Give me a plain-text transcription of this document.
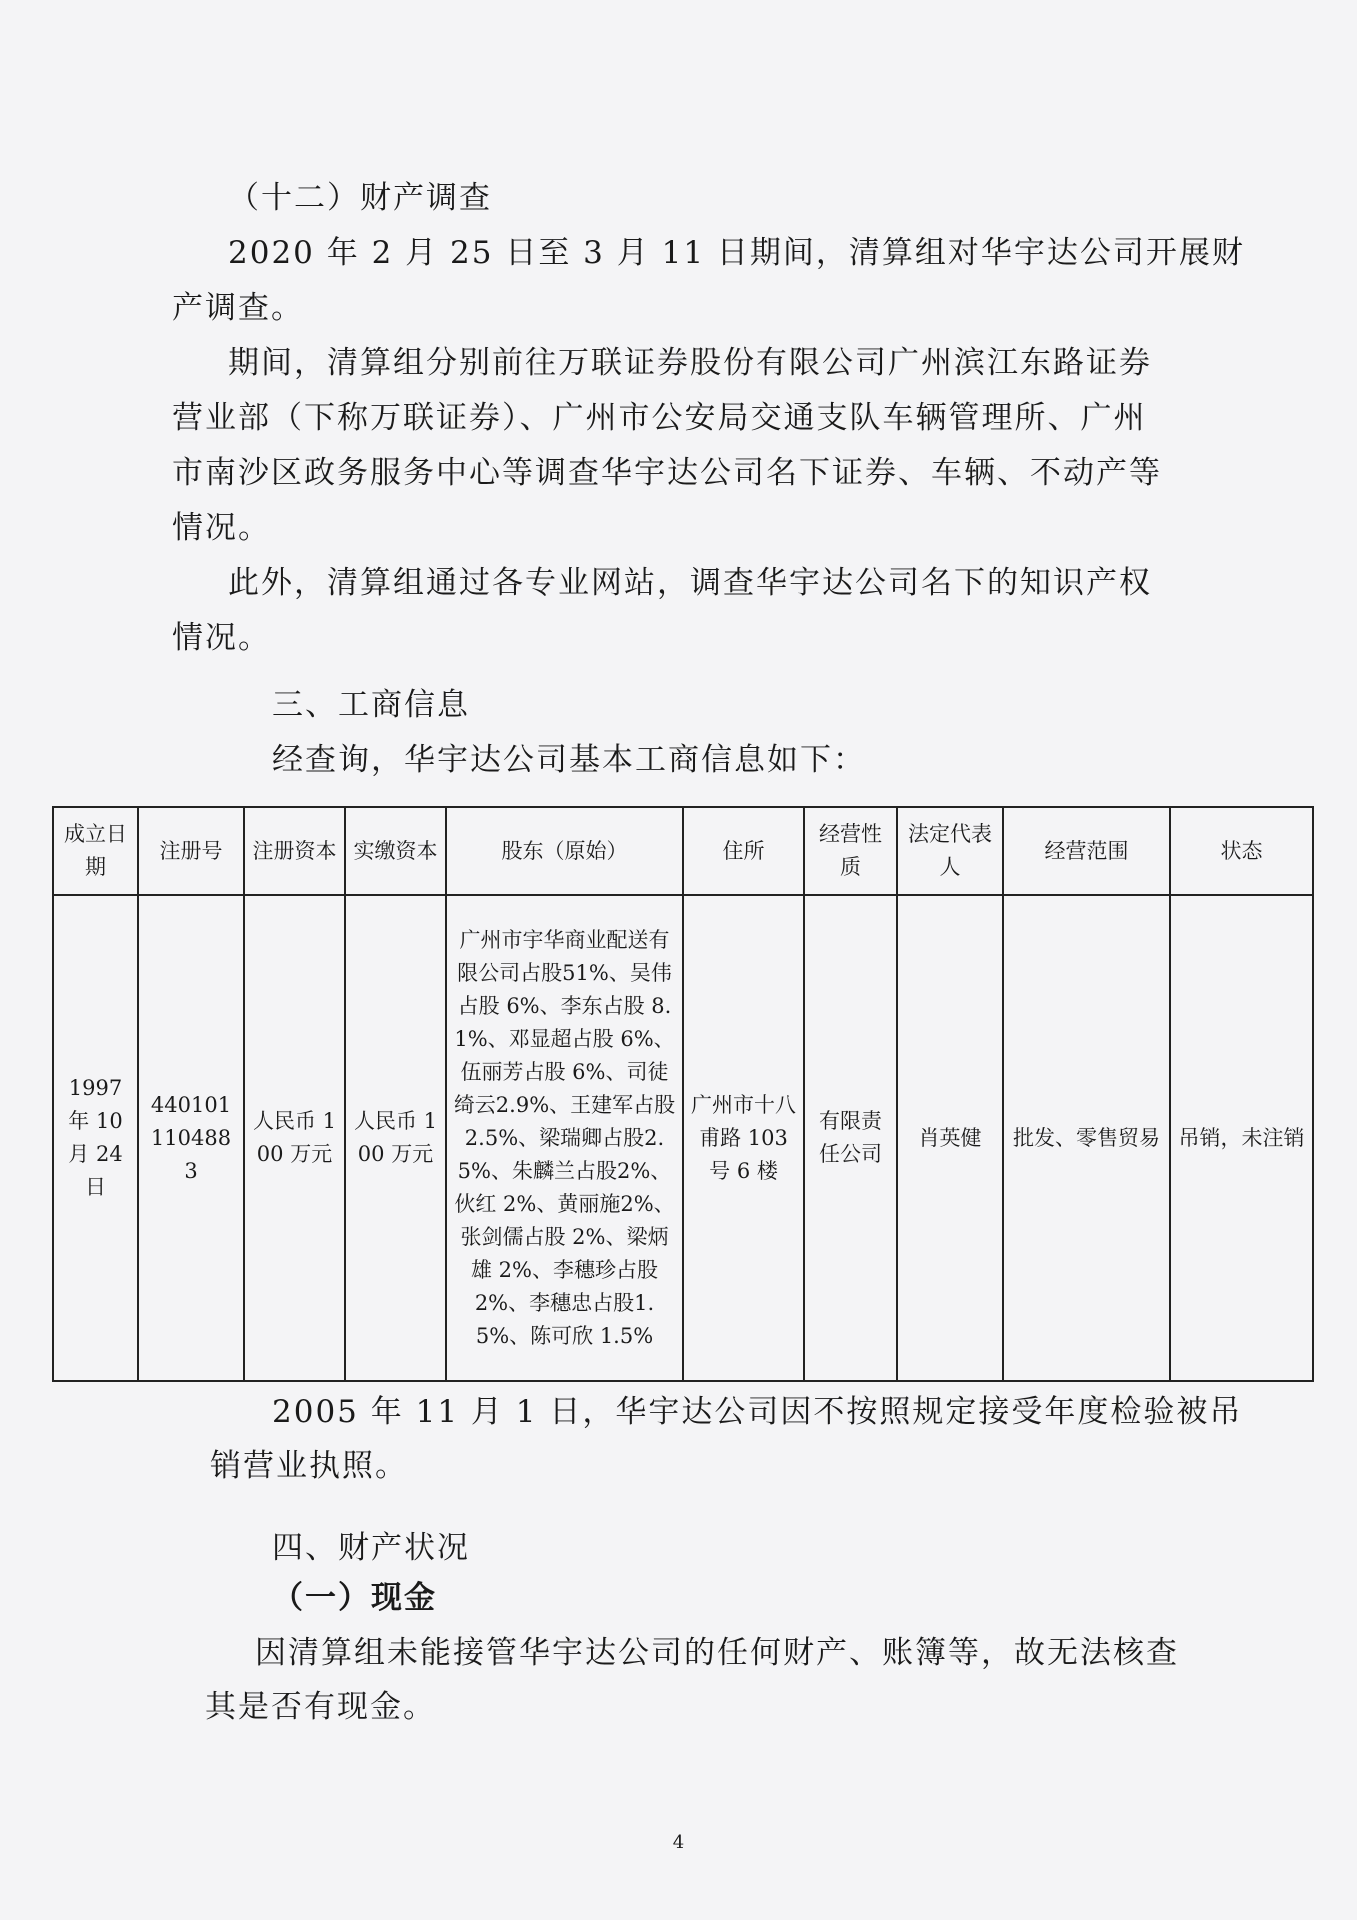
（十二）财产调查
2020 年 2 月 25 日至 3 月 11 日期间，清算组对华宇达公司开展财
产调查。
期间，清算组分别前往万联证券股份有限公司广州滨江东路证券
营业部（下称万联证券）、广州市公安局交通支队车辆管理所、广州
市南沙区政务服务中心等调查华宇达公司名下证券、车辆、不动产等
情况。
此外，清算组通过各专业网站，调查华宇达公司名下的知识产权
情况。
三、工商信息
经查询，华宇达公司基本工商信息如下：
成立日期	注册号	注册资本	实缴资本	股东（原始）	住所	经营性质	法定代表人	经营范围	状态
1997 年 10 月 24 日	440101110488 3	人民币 100 万元	人民币 100 万元	广州市宇华商业配送有限公司占股51%、吴伟占股 6%、李东占股 8.1%、邓显超占股 6%、伍丽芳占股 6%、司徒绮云2.9%、王建军占股2.5%、梁瑞卿占股2.5%、朱麟兰占股2%、伙红 2%、黄丽施2%、张剑儒占股 2%、梁炳雄 2%、李穗珍占股 2%、李穗忠占股1.5%、陈可欣 1.5%	广州市十八甫路 103 号 6 楼	有限责任公司	肖英健	批发、零售贸易	吊销，未注销
2005 年 11 月 1 日，华宇达公司因不按照规定接受年度检验被吊
销营业执照。
四、财产状况
（一）现金
因清算组未能接管华宇达公司的任何财产、账簿等，故无法核查
其是否有现金。
4
